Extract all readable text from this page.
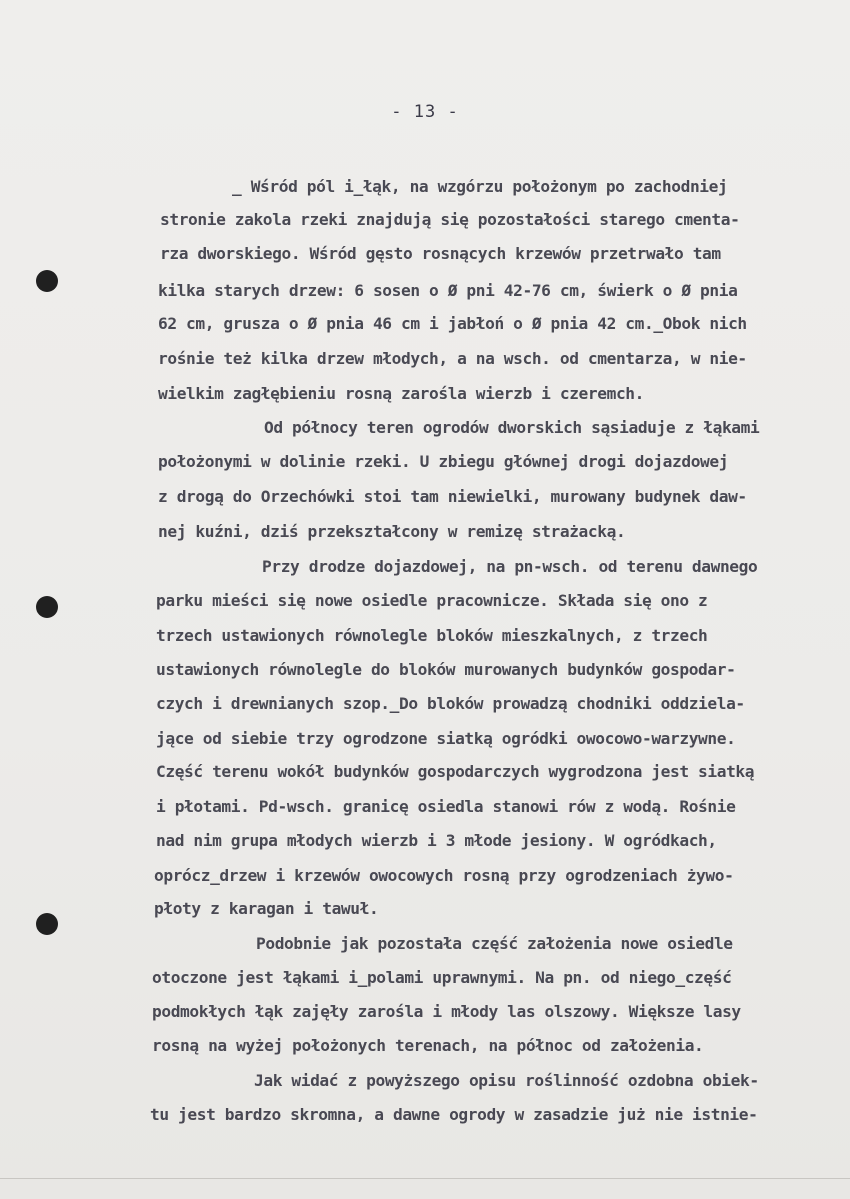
- 13 -
_ Wśród pól i_łąk, na wzgórzu położonym po zachodniej
stronie zakola rzeki znajdują się pozostałości starego cmenta-
rza dworskiego. Wśród gęsto rosnących krzewów przetrwało tam
kilka starych drzew: 6 sosen o Ø pni 42-76 cm, świerk o Ø pnia
62 cm, grusza o Ø pnia 46 cm i jabłoń o Ø pnia 42 cm._Obok nich
rośnie też kilka drzew młodych, a na wsch. od cmentarza, w nie-
wielkim zagłębieniu rosną zarośla wierzb i czeremch.
Od północy teren ogrodów dworskich sąsiaduje z łąkami
położonymi w dolinie rzeki. U zbiegu głównej drogi dojazdowej
z drogą do Orzechówki stoi tam niewielki, murowany budynek daw-
nej kuźni, dziś przekształcony w remizę strażacką.
Przy drodze dojazdowej, na pn-wsch. od terenu dawnego
parku mieści się nowe osiedle pracownicze. Składa się ono z
trzech ustawionych równolegle bloków mieszkalnych, z trzech
ustawionych równolegle do bloków murowanych budynków gospodar-
czych i drewnianych szop._Do bloków prowadzą chodniki oddziela-
jące od siebie trzy ogrodzone siatką ogródki owocowo-warzywne.
Część terenu wokół budynków gospodarczych wygrodzona jest siatką
i płotami. Pd-wsch. granicę osiedla stanowi rów z wodą. Rośnie
nad nim grupa młodych wierzb i 3 młode jesiony. W ogródkach,
oprócz_drzew i krzewów owocowych rosną przy ogrodzeniach żywo-
płoty z karagan i tawuł.
Podobnie jak pozostała część założenia nowe osiedle
otoczone jest łąkami i_polami uprawnymi. Na pn. od niego_część
podmokłych łąk zajęły zarośla i młody las olszowy. Większe lasy
rosną na wyżej położonych terenach, na północ od założenia.
Jak widać z powyższego opisu roślinność ozdobna obiek-
tu jest bardzo skromna, a dawne ogrody w zasadzie już nie istnie-
